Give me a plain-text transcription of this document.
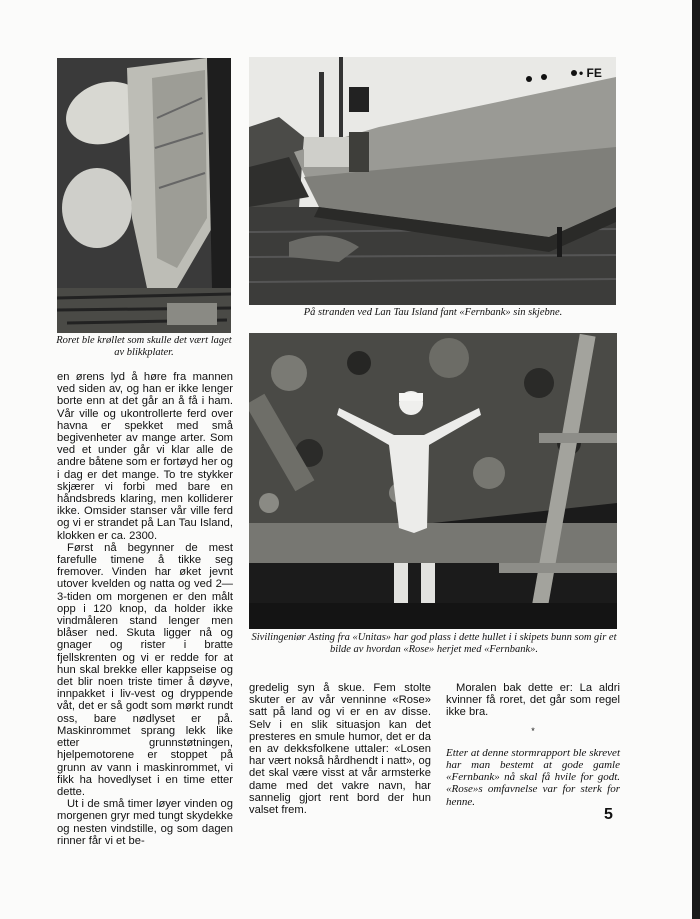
Roret ble krøllet som skulle det vært laget av blikkplater.
• FE
På stranden ved Lan Tau Island fant «Fernbank» sin skjebne.
Sivilingeniør Asting fra «Unitas» har god plass i dette hullet i i skipets bunn som gir et bilde av hvordan «Rose» herjet med «Fernbank».

en ørens lyd å høre fra mannen ved siden av, og han er ikke lenger borte enn at det går an å få i ham. Vår ville og ukontrollerte ferd over havna er spekket med små begivenheter av mange arter. Som ved et under går vi klar alle de andre båtene som er fortøyd her og i dag er det mange. To tre stykker skjærer vi forbi med bare en håndsbreds klaring, men kolliderer ikke. Omsider stanser vår ville ferd og vi er strandet på Lan Tau Island, klokken er ca. 2300.

Først nå begynner de mest farefulle timene å tikke seg fremover. Vinden har øket jevnt utover kvelden og natta og ved 2—3-tiden om morgenen er den målt opp i 120 knop, da holder ikke vindmåleren stand lenger men blåser ned. Skuta ligger nå og gnager og rister i bratte fjellskrenten og vi er redde for at hun skal brekke eller kappseise og det blir noen triste timer å døyve, innpakket i liv-vest og dryppende våt, det er så godt som mørkt rundt oss, bare nødlyset er på. Maskinrommet sprang lekk like etter grunnstøtningen, hjelpemotorene er stoppet på grunn av vann i maskinrommet, vi fikk ha hovedlyset i en time etter dette.

Ut i de små timer løyer vinden og morgenen gryr med tungt skydekke og nesten vindstille, og som dagen rinner får vi et be-

gredelig syn å skue. Fem stolte skuter er av vår venninne «Rose» satt på land og vi er en av disse. Selv i en slik situasjon kan det presteres en smule humor, det er da en av dekksfolkene uttaler: «Losen har vært nokså hårdhendt i natt», og det skal være visst at vår armsterke dame med det vakre navn, har sannelig gjort rent bord der hun valset frem.

Moralen bak dette er: La aldri kvinner få roret, det går som regel ikke bra.

*

Etter at denne stormrapport ble skrevet har man bestemt at gode gamle «Fernbank» nå skal få hvile for godt. «Rose»s omfavnelse var for sterk for henne.

5
